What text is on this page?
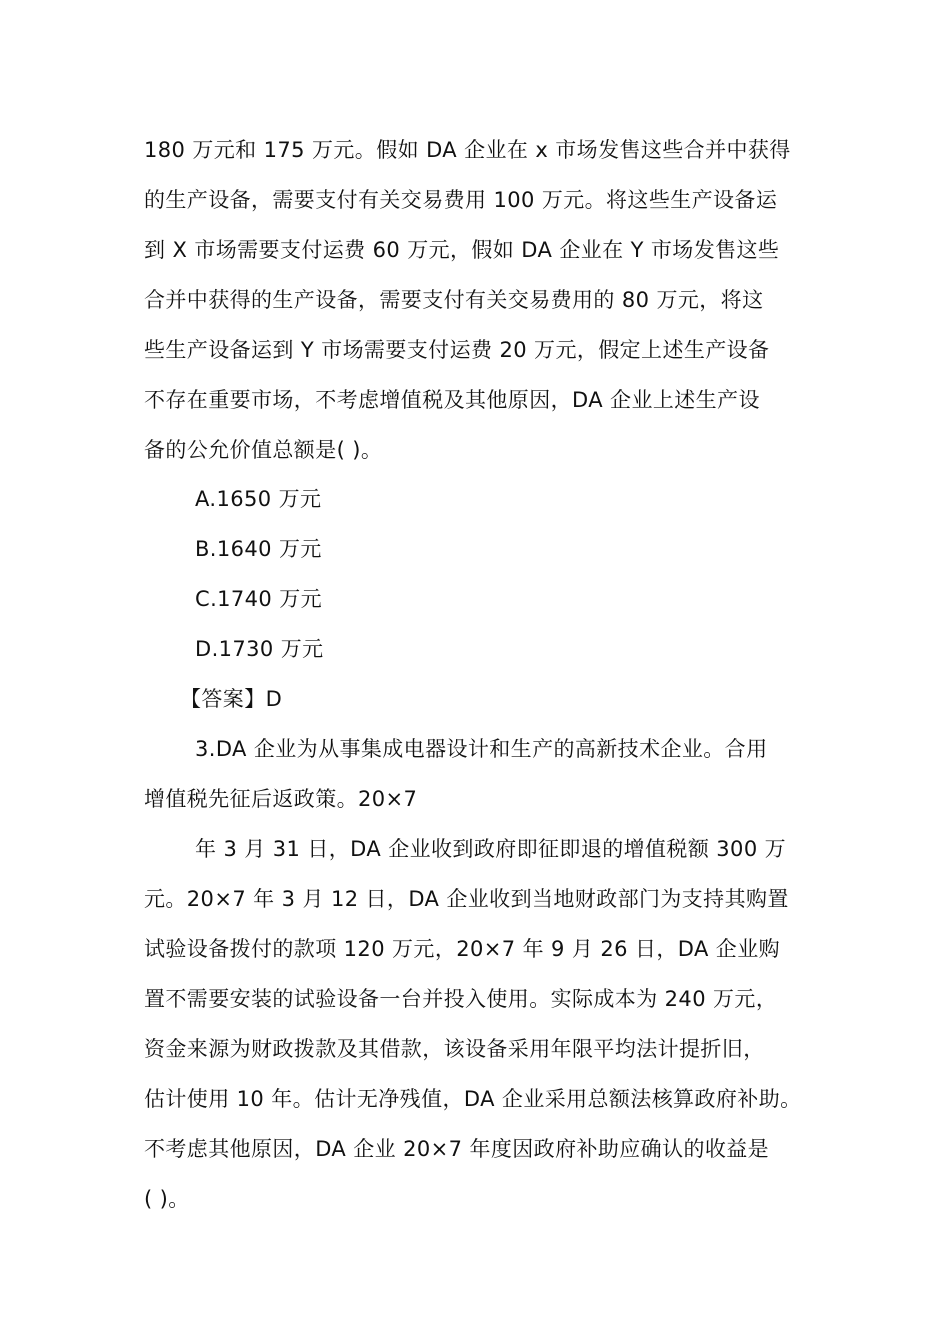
180 万元和 175 万元。假如 DA 企业在 x 市场发售这些合并中获得
的生产设备，需要支付有关交易费用 100 万元。将这些生产设备运
到 X 市场需要支付运费 60 万元，假如 DA 企业在 Y 市场发售这些
合并中获得的生产设备，需要支付有关交易费用的 80 万元，将这
些生产设备运到 Y 市场需要支付运费 20 万元，假定上述生产设备
不存在重要市场，不考虑增值税及其他原因，DA 企业上述生产设
备的公允价值总额是( )。
A.1650 万元
B.1640 万元
C.1740 万元
D.1730 万元
【答案】D
3.DA 企业为从事集成电器设计和生产的高新技术企业。合用
增值税先征后返政策。20×7
年 3 月 31 日，DA 企业收到政府即征即退的增值税额 300 万
元。20×7 年 3 月 12 日，DA 企业收到当地财政部门为支持其购置
试验设备拨付的款项 120 万元，20×7 年 9 月 26 日，DA 企业购
置不需要安装的试验设备一台并投入使用。实际成本为 240 万元，
资金来源为财政拨款及其借款，该设备采用年限平均法计提折旧，
估计使用 10 年。估计无净残值，DA 企业采用总额法核算政府补助。
不考虑其他原因，DA 企业 20×7 年度因政府补助应确认的收益是
( )。
